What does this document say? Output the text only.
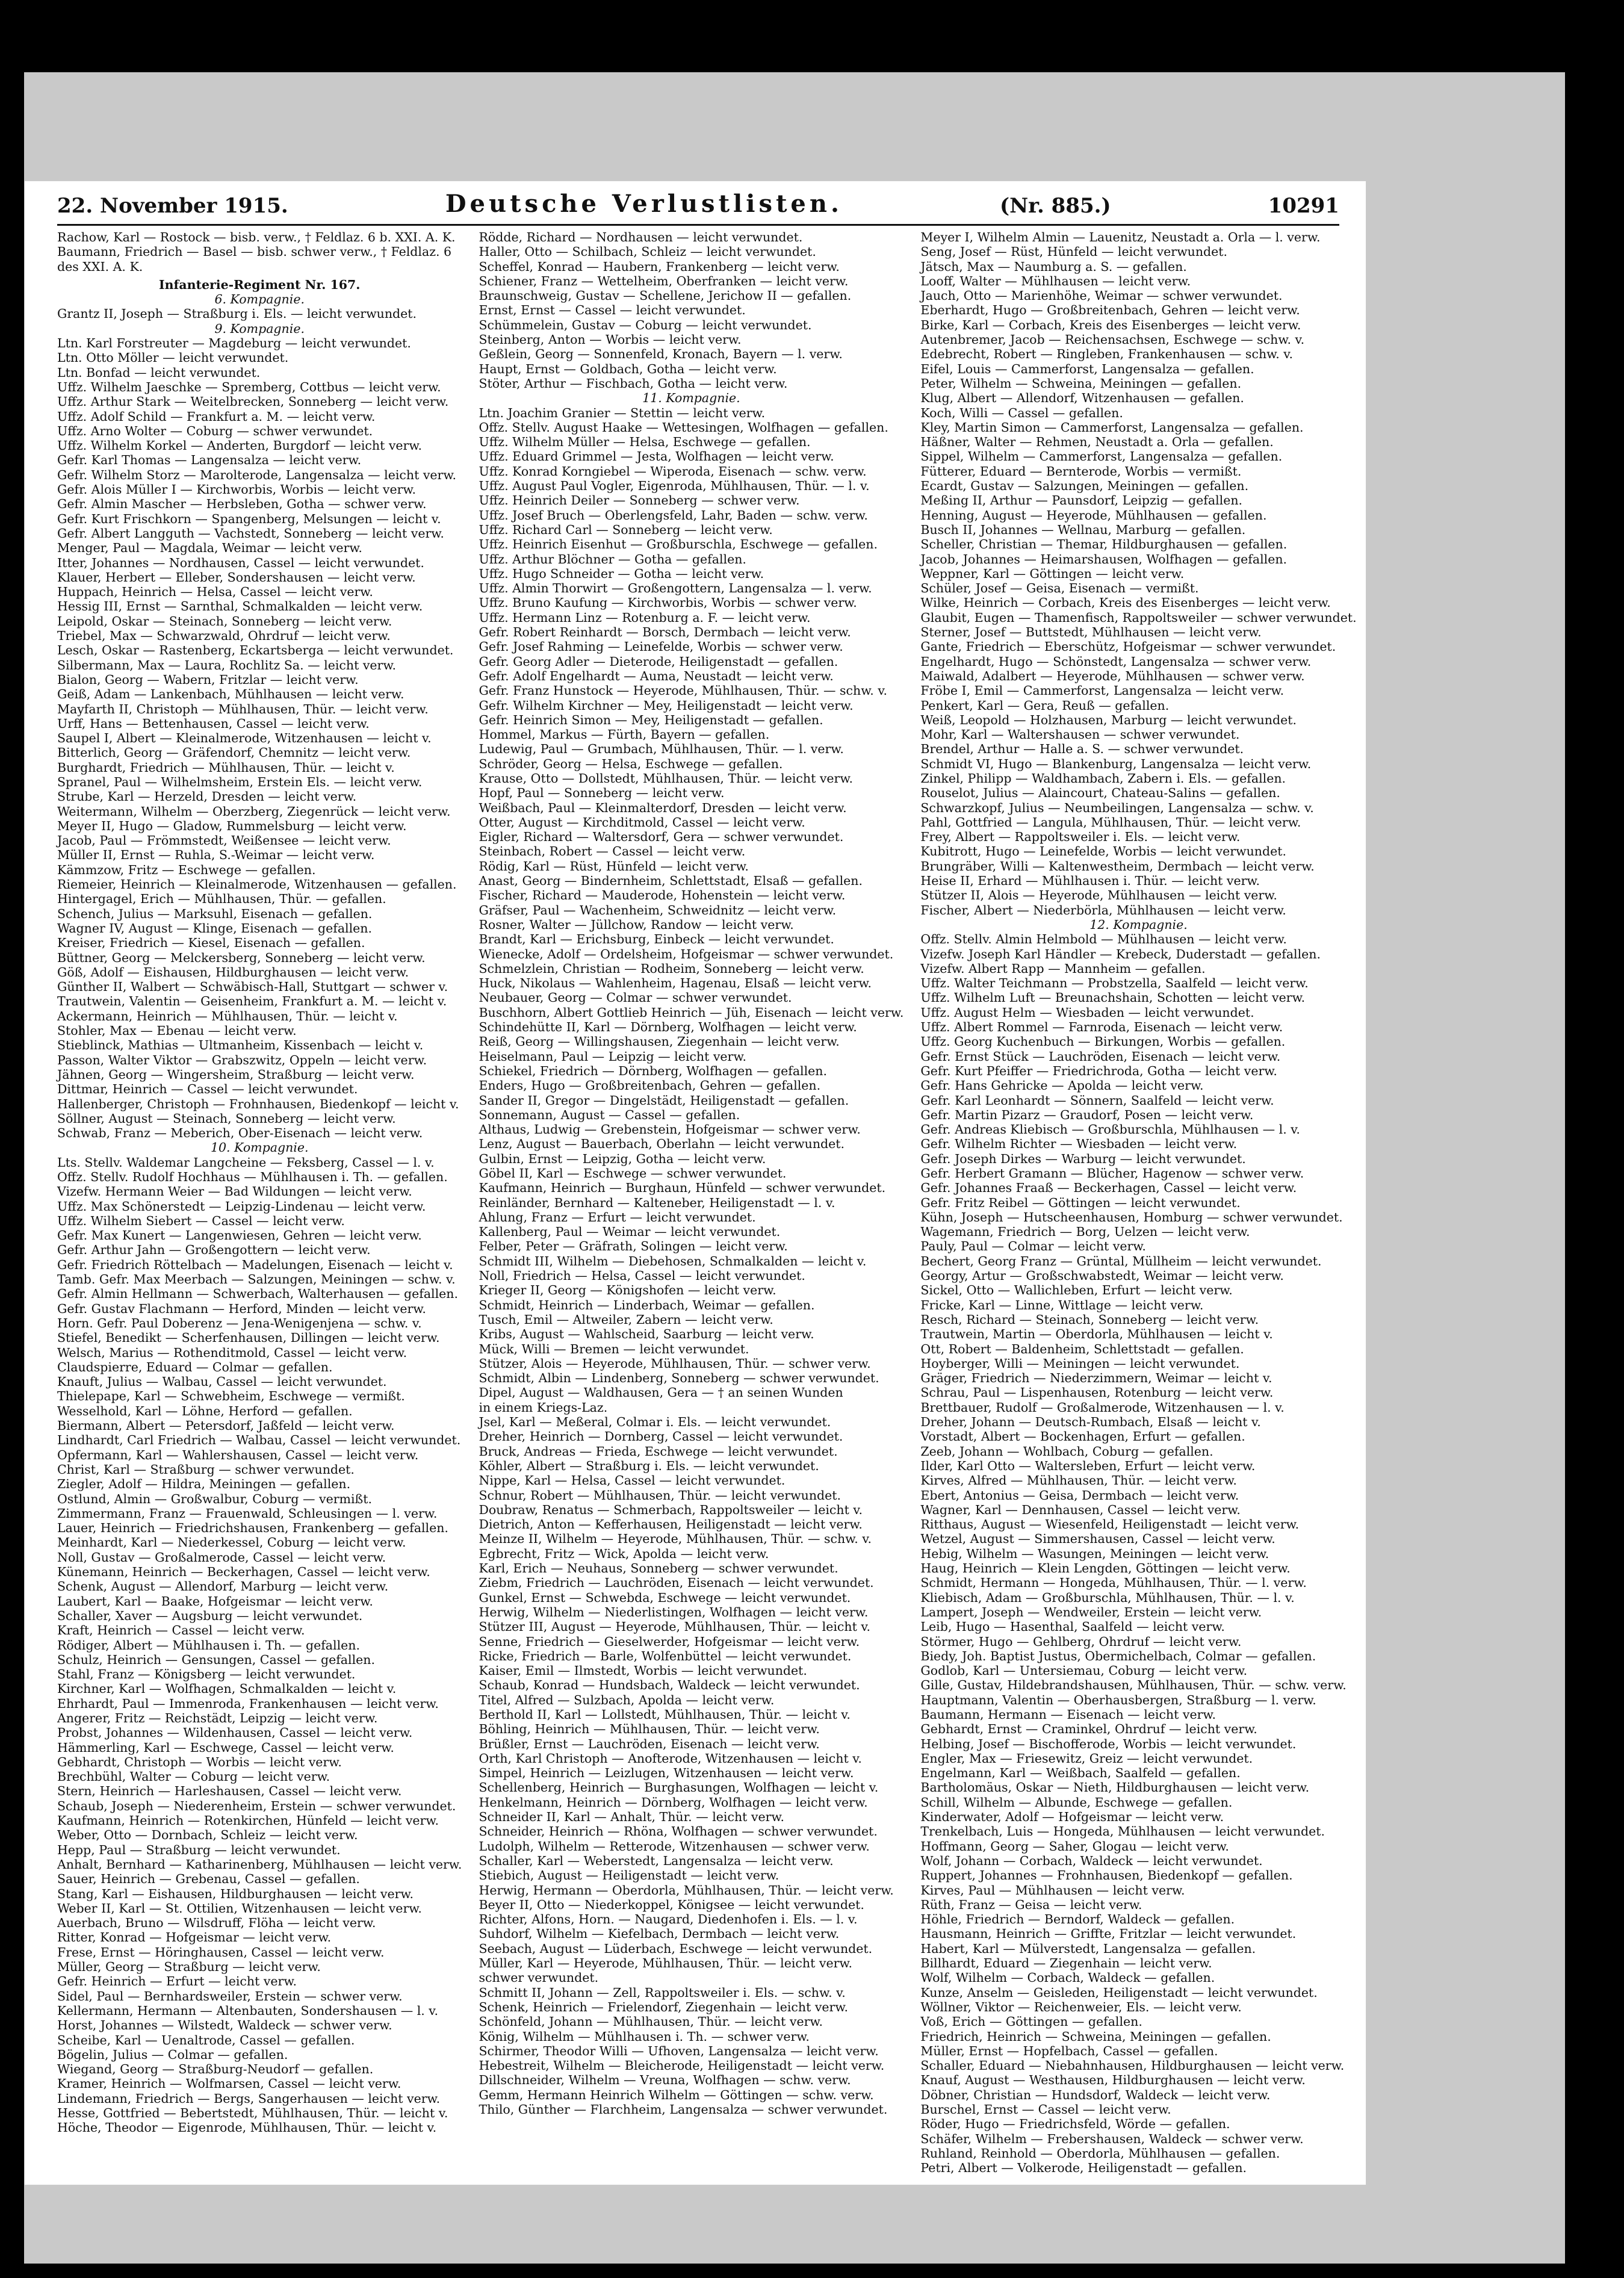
22. November 1915.	Deutsche Verlustlisten.	(Nr. 885.)	10291
Rachow, Karl — Rostock — bisb. verw., † Feldlaz. 6 b. XXI. A. K.
Baumann, Friedrich — Basel — bisb. schwer verw., † Feldlaz. 6
des XXI. A. K.
Infanterie-Regiment Nr. 167.
6. Kompagnie.
Grantz II, Joseph — Straßburg i. Els. — leicht verwundet.
9. Kompagnie.
Ltn. Karl Forstreuter — Magdeburg — leicht verwundet.
Ltn. Otto Möller — leicht verwundet.
Ltn. Bonfad — leicht verwundet.
Uffz. Wilhelm Jaeschke — Spremberg, Cottbus — leicht verw.
Uffz. Arthur Stark — Weitelbrecken, Sonneberg — leicht verw.
Uffz. Adolf Schild — Frankfurt a. M. — leicht verw.
Uffz. Arno Wolter — Coburg — schwer verwundet.
Uffz. Wilhelm Korkel — Anderten, Burgdorf — leicht verw.
Gefr. Karl Thomas — Langensalza — leicht verw.
Gefr. Wilhelm Storz — Marolterode, Langensalza — leicht verw.
Gefr. Alois Müller I — Kirchworbis, Worbis — leicht verw.
Gefr. Almin Mascher — Herbsleben, Gotha — schwer verw.
Gefr. Kurt Frischkorn — Spangenberg, Melsungen — leicht v.
Gefr. Albert Langguth — Vachstedt, Sonneberg — leicht verw.
Menger, Paul — Magdala, Weimar — leicht verw.
Itter, Johannes — Nordhausen, Cassel — leicht verwundet.
Klauer, Herbert — Elleber, Sondershausen — leicht verw.
Huppach, Heinrich — Helsa, Cassel — leicht verw.
Hessig III, Ernst — Sarnthal, Schmalkalden — leicht verw.
Leipold, Oskar — Steinach, Sonneberg — leicht verw.
Triebel, Max — Schwarzwald, Ohrdruf — leicht verw.
Lesch, Oskar — Rastenberg, Eckartsberga — leicht verwundet.
Silbermann, Max — Laura, Rochlitz Sa. — leicht verw.
Bialon, Georg — Wabern, Fritzlar — leicht verw.
Geiß, Adam — Lankenbach, Mühlhausen — leicht verw.
Mayfarth II, Christoph — Mühlhausen, Thür. — leicht verw.
Urff, Hans — Bettenhausen, Cassel — leicht verw.
Saupel I, Albert — Kleinalmerode, Witzenhausen — leicht v.
Bitterlich, Georg — Gräfendorf, Chemnitz — leicht verw.
Burghardt, Friedrich — Mühlhausen, Thür. — leicht v.
Spranel, Paul — Wilhelmsheim, Erstein Els. — leicht verw.
Strube, Karl — Herzeld, Dresden — leicht verw.
Weitermann, Wilhelm — Oberzberg, Ziegenrück — leicht verw.
Meyer II, Hugo — Gladow, Rummelsburg — leicht verw.
Jacob, Paul — Frömmstedt, Weißensee — leicht verw.
Müller II, Ernst — Ruhla, S.-Weimar — leicht verw.
Kämmzow, Fritz — Eschwege — gefallen.
Riemeier, Heinrich — Kleinalmerode, Witzenhausen — gefallen.
Hintergagel, Erich — Mühlhausen, Thür. — gefallen.
Schench, Julius — Marksuhl, Eisenach — gefallen.
Wagner IV, August — Klinge, Eisenach — gefallen.
Kreiser, Friedrich — Kiesel, Eisenach — gefallen.
Büttner, Georg — Melckersberg, Sonneberg — leicht verw.
Göß, Adolf — Eishausen, Hildburghausen — leicht verw.
Günther II, Walbert — Schwäbisch-Hall, Stuttgart — schwer v.
Trautwein, Valentin — Geisenheim, Frankfurt a. M. — leicht v.
Ackermann, Heinrich — Mühlhausen, Thür. — leicht v.
Stohler, Max — Ebenau — leicht verw.
Stieblinck, Mathias — Ultmanheim, Kissenbach — leicht v.
Passon, Walter Viktor — Grabszwitz, Oppeln — leicht verw.
Jähnen, Georg — Wingersheim, Straßburg — leicht verw.
Dittmar, Heinrich — Cassel — leicht verwundet.
Hallenberger, Christoph — Frohnhausen, Biedenkopf — leicht v.
Söllner, August — Steinach, Sonneberg — leicht verw.
Schwab, Franz — Meberich, Ober-Eisenach — leicht verw.
10. Kompagnie.
Lts. Stellv. Waldemar Langcheine — Feksberg, Cassel — l. v.
Offz. Stellv. Rudolf Hochhaus — Mühlhausen i. Th. — gefallen.
Vizefw. Hermann Weier — Bad Wildungen — leicht verw.
Uffz. Max Schönerstedt — Leipzig-Lindenau — leicht verw.
Uffz. Wilhelm Siebert — Cassel — leicht verw.
Gefr. Max Kunert — Langenwiesen, Gehren — leicht verw.
Gefr. Arthur Jahn — Großengottern — leicht verw.
Gefr. Friedrich Röttelbach — Madelungen, Eisenach — leicht v.
Tamb. Gefr. Max Meerbach — Salzungen, Meiningen — schw. v.
Gefr. Almin Hellmann — Schwerbach, Walterhausen — gefallen.
Gefr. Gustav Flachmann — Herford, Minden — leicht verw.
Horn. Gefr. Paul Doberenz — Jena-Wenigenjena — schw. v.
Stiefel, Benedikt — Scherfenhausen, Dillingen — leicht verw.
Welsch, Marius — Rothenditmold, Cassel — leicht verw.
Claudspierre, Eduard — Colmar — gefallen.
Knauft, Julius — Walbau, Cassel — leicht verwundet.
Thielepape, Karl — Schwebheim, Eschwege — vermißt.
Wesselhold, Karl — Löhne, Herford — gefallen.
Biermann, Albert — Petersdorf, Jaßfeld — leicht verw.
Lindhardt, Carl Friedrich — Walbau, Cassel — leicht verwundet.
Opfermann, Karl — Wahlershausen, Cassel — leicht verw.
Christ, Karl — Straßburg — schwer verwundet.
Ziegler, Adolf — Hildra, Meiningen — gefallen.
Ostlund, Almin — Großwalbur, Coburg — vermißt.
Zimmermann, Franz — Frauenwald, Schleusingen — l. verw.
Lauer, Heinrich — Friedrichshausen, Frankenberg — gefallen.
Meinhardt, Karl — Niederkessel, Coburg — leicht verw.
Noll, Gustav — Großalmerode, Cassel — leicht verw.
Künemann, Heinrich — Beckerhagen, Cassel — leicht verw.
Schenk, August — Allendorf, Marburg — leicht verw.
Laubert, Karl — Baake, Hofgeismar — leicht verw.
Schaller, Xaver — Augsburg — leicht verwundet.
Kraft, Heinrich — Cassel — leicht verw.
Rödiger, Albert — Mühlhausen i. Th. — gefallen.
Schulz, Heinrich — Gensungen, Cassel — gefallen.
Stahl, Franz — Königsberg — leicht verwundet.
Kirchner, Karl — Wolfhagen, Schmalkalden — leicht v.
Ehrhardt, Paul — Immenroda, Frankenhausen — leicht verw.
Angerer, Fritz — Reichstädt, Leipzig — leicht verw.
Probst, Johannes — Wildenhausen, Cassel — leicht verw.
Hämmerling, Karl — Eschwege, Cassel — leicht verw.
Gebhardt, Christoph — Worbis — leicht verw.
Brechbühl, Walter — Coburg — leicht verw.
Stern, Heinrich — Harleshausen, Cassel — leicht verw.
Schaub, Joseph — Niederenheim, Erstein — schwer verwundet.
Kaufmann, Heinrich — Rotenkirchen, Hünfeld — leicht verw.
Weber, Otto — Dornbach, Schleiz — leicht verw.
Hepp, Paul — Straßburg — leicht verwundet.
Anhalt, Bernhard — Katharinenberg, Mühlhausen — leicht verw.
Sauer, Heinrich — Grebenau, Cassel — gefallen.
Stang, Karl — Eishausen, Hildburghausen — leicht verw.
Weber II, Karl — St. Ottilien, Witzenhausen — leicht verw.
Auerbach, Bruno — Wilsdruff, Flöha — leicht verw.
Ritter, Konrad — Hofgeismar — leicht verw.
Frese, Ernst — Höringhausen, Cassel — leicht verw.
Müller, Georg — Straßburg — leicht verw.
Gefr. Heinrich — Erfurt — leicht verw.
Sidel, Paul — Bernhardsweiler, Erstein — schwer verw.
Kellermann, Hermann — Altenbauten, Sondershausen — l. v.
Horst, Johannes — Wilstedt, Waldeck — schwer verw.
Scheibe, Karl — Uenaltrode, Cassel — gefallen.
Bögelin, Julius — Colmar — gefallen.
Wiegand, Georg — Straßburg-Neudorf — gefallen.
Kramer, Heinrich — Wolfmarsen, Cassel — leicht verw.
Lindemann, Friedrich — Bergs, Sangerhausen — leicht verw.
Hesse, Gottfried — Bebertstedt, Mühlhausen, Thür. — leicht v.
Höche, Theodor — Eigenrode, Mühlhausen, Thür. — leicht v.
Rödde, Richard — Nordhausen — leicht verwundet.
Haller, Otto — Schilbach, Schleiz — leicht verwundet.
Scheffel, Konrad — Haubern, Frankenberg — leicht verw.
Schiener, Franz — Wettelheim, Oberfranken — leicht verw.
Braunschweig, Gustav — Schellene, Jerichow II — gefallen.
Ernst, Ernst — Cassel — leicht verwundet.
Schümmelein, Gustav — Coburg — leicht verwundet.
Steinberg, Anton — Worbis — leicht verw.
Geßlein, Georg — Sonnenfeld, Kronach, Bayern — l. verw.
Haupt, Ernst — Goldbach, Gotha — leicht verw.
Stöter, Arthur — Fischbach, Gotha — leicht verw.
11. Kompagnie.
Ltn. Joachim Granier — Stettin — leicht verw.
Offz. Stellv. August Haake — Wettesingen, Wolfhagen — gefallen.
Uffz. Wilhelm Müller — Helsa, Eschwege — gefallen.
Uffz. Eduard Grimmel — Jesta, Wolfhagen — leicht verw.
Uffz. Konrad Korngiebel — Wiperoda, Eisenach — schw. verw.
Uffz. August Paul Vogler, Eigenroda, Mühlhausen, Thür. — l. v.
Uffz. Heinrich Deiler — Sonneberg — schwer verw.
Uffz. Josef Bruch — Oberlengsfeld, Lahr, Baden — schw. verw.
Uffz. Richard Carl — Sonneberg — leicht verw.
Uffz. Heinrich Eisenhut — Großburschla, Eschwege — gefallen.
Uffz. Arthur Blöchner — Gotha — gefallen.
Uffz. Hugo Schneider — Gotha — leicht verw.
Uffz. Almin Thorwirt — Großengottern, Langensalza — l. verw.
Uffz. Bruno Kaufung — Kirchworbis, Worbis — schwer verw.
Uffz. Hermann Linz — Rotenburg a. F. — leicht verw.
Gefr. Robert Reinhardt — Borsch, Dermbach — leicht verw.
Gefr. Josef Rahming — Leinefelde, Worbis — schwer verw.
Gefr. Georg Adler — Dieterode, Heiligenstadt — gefallen.
Gefr. Adolf Engelhardt — Auma, Neustadt — leicht verw.
Gefr. Franz Hunstock — Heyerode, Mühlhausen, Thür. — schw. v.
Gefr. Wilhelm Kirchner — Mey, Heiligenstadt — leicht verw.
Gefr. Heinrich Simon — Mey, Heiligenstadt — gefallen.
Hommel, Markus — Fürth, Bayern — gefallen.
Ludewig, Paul — Grumbach, Mühlhausen, Thür. — l. verw.
Schröder, Georg — Helsa, Eschwege — gefallen.
Krause, Otto — Dollstedt, Mühlhausen, Thür. — leicht verw.
Hopf, Paul — Sonneberg — leicht verw.
Weißbach, Paul — Kleinmalterdorf, Dresden — leicht verw.
Otter, August — Kirchditmold, Cassel — leicht verw.
Eigler, Richard — Waltersdorf, Gera — schwer verwundet.
Steinbach, Robert — Cassel — leicht verw.
Rödig, Karl — Rüst, Hünfeld — leicht verw.
Anast, Georg — Bindernheim, Schlettstadt, Elsaß — gefallen.
Fischer, Richard — Mauderode, Hohenstein — leicht verw.
Gräfser, Paul — Wachenheim, Schweidnitz — leicht verw.
Rosner, Walter — Jüllchow, Randow — leicht verw.
Brandt, Karl — Erichsburg, Einbeck — leicht verwundet.
Wienecke, Adolf — Ordelsheim, Hofgeismar — schwer verwundet.
Schmelzlein, Christian — Rodheim, Sonneberg — leicht verw.
Huck, Nikolaus — Wahlenheim, Hagenau, Elsaß — leicht verw.
Neubauer, Georg — Colmar — schwer verwundet.
Buschhorn, Albert Gottlieb Heinrich — Jüh, Eisenach — leicht verw.
Schindehütte II, Karl — Dörnberg, Wolfhagen — leicht verw.
Reiß, Georg — Willingshausen, Ziegenhain — leicht verw.
Heiselmann, Paul — Leipzig — leicht verw.
Schiekel, Friedrich — Dörnberg, Wolfhagen — gefallen.
Enders, Hugo — Großbreitenbach, Gehren — gefallen.
Sander II, Gregor — Dingelstädt, Heiligenstadt — gefallen.
Sonnemann, August — Cassel — gefallen.
Althaus, Ludwig — Grebenstein, Hofgeismar — schwer verw.
Lenz, August — Bauerbach, Oberlahn — leicht verwundet.
Gulbin, Ernst — Leipzig, Gotha — leicht verw.
Göbel II, Karl — Eschwege — schwer verwundet.
Kaufmann, Heinrich — Burghaun, Hünfeld — schwer verwundet.
Reinländer, Bernhard — Kalteneber, Heiligenstadt — l. v.
Ahlung, Franz — Erfurt — leicht verwundet.
Kallenberg, Paul — Weimar — leicht verwundet.
Felber, Peter — Gräfrath, Solingen — leicht verw.
Schmidt III, Wilhelm — Diebehosen, Schmalkalden — leicht v.
Noll, Friedrich — Helsa, Cassel — leicht verwundet.
Krieger II, Georg — Königshofen — leicht verw.
Schmidt, Heinrich — Linderbach, Weimar — gefallen.
Tusch, Emil — Altweiler, Zabern — leicht verw.
Kribs, August — Wahlscheid, Saarburg — leicht verw.
Mück, Willi — Bremen — leicht verwundet.
Stützer, Alois — Heyerode, Mühlhausen, Thür. — schwer verw.
Schmidt, Albin — Lindenberg, Sonneberg — schwer verwundet.
Dipel, August — Waldhausen, Gera — † an seinen Wunden
in einem Kriegs-Laz.
Jsel, Karl — Meßeral, Colmar i. Els. — leicht verwundet.
Dreher, Heinrich — Dornberg, Cassel — leicht verwundet.
Bruck, Andreas — Frieda, Eschwege — leicht verwundet.
Köhler, Albert — Straßburg i. Els. — leicht verwundet.
Nippe, Karl — Helsa, Cassel — leicht verwundet.
Schnur, Robert — Mühlhausen, Thür. — leicht verwundet.
Doubraw, Renatus — Schmerbach, Rappoltsweiler — leicht v.
Dietrich, Anton — Kefferhausen, Heiligenstadt — leicht verw.
Meinze II, Wilhelm — Heyerode, Mühlhausen, Thür. — schw. v.
Egbrecht, Fritz — Wick, Apolda — leicht verw.
Karl, Erich — Neuhaus, Sonneberg — schwer verwundet.
Ziebm, Friedrich — Lauchröden, Eisenach — leicht verwundet.
Gunkel, Ernst — Schwebda, Eschwege — leicht verwundet.
Herwig, Wilhelm — Niederlistingen, Wolfhagen — leicht verw.
Stützer III, August — Heyerode, Mühlhausen, Thür. — leicht v.
Senne, Friedrich — Gieselwerder, Hofgeismar — leicht verw.
Ricke, Friedrich — Barle, Wolfenbüttel — leicht verwundet.
Kaiser, Emil — Ilmstedt, Worbis — leicht verwundet.
Schaub, Konrad — Hundsbach, Waldeck — leicht verwundet.
Titel, Alfred — Sulzbach, Apolda — leicht verw.
Berthold II, Karl — Lollstedt, Mühlhausen, Thür. — leicht v.
Böhling, Heinrich — Mühlhausen, Thür. — leicht verw.
Brüßler, Ernst — Lauchröden, Eisenach — leicht verw.
Orth, Karl Christoph — Anofterode, Witzenhausen — leicht v.
Simpel, Heinrich — Leizlugen, Witzenhausen — leicht verw.
Schellenberg, Heinrich — Burghasungen, Wolfhagen — leicht v.
Henkelmann, Heinrich — Dörnberg, Wolfhagen — leicht verw.
Schneider II, Karl — Anhalt, Thür. — leicht verw.
Schneider, Heinrich — Rhöna, Wolfhagen — schwer verwundet.
Ludolph, Wilhelm — Retterode, Witzenhausen — schwer verw.
Schaller, Karl — Weberstedt, Langensalza — leicht verw.
Stiebich, August — Heiligenstadt — leicht verw.
Herwig, Hermann — Oberdorla, Mühlhausen, Thür. — leicht verw.
Beyer II, Otto — Niederkoppel, Königsee — leicht verwundet.
Richter, Alfons, Horn. — Naugard, Diedenhofen i. Els. — l. v.
Suhdorf, Wilhelm — Kiefelbach, Dermbach — leicht verw.
Seebach, August — Lüderbach, Eschwege — leicht verwundet.
Müller, Karl — Heyerode, Mühlhausen, Thür. — leicht verw.
schwer verwundet.
Schmitt II, Johann — Zell, Rappoltsweiler i. Els. — schw. v.
Schenk, Heinrich — Frielendorf, Ziegenhain — leicht verw.
Schönfeld, Johann — Mühlhausen, Thür. — leicht verw.
König, Wilhelm — Mühlhausen i. Th. — schwer verw.
Schirmer, Theodor Willi — Ufhoven, Langensalza — leicht verw.
Hebestreit, Wilhelm — Bleicherode, Heiligenstadt — leicht verw.
Dillschneider, Wilhelm — Vreuna, Wolfhagen — schw. verw.
Gemm, Hermann Heinrich Wilhelm — Göttingen — schw. verw.
Thilo, Günther — Flarchheim, Langensalza — schwer verwundet.
Meyer I, Wilhelm Almin — Lauenitz, Neustadt a. Orla — l. verw.
Seng, Josef — Rüst, Hünfeld — leicht verwundet.
Jätsch, Max — Naumburg a. S. — gefallen.
Looff, Walter — Mühlhausen — leicht verw.
Jauch, Otto — Marienhöhe, Weimar — schwer verwundet.
Eberhardt, Hugo — Großbreitenbach, Gehren — leicht verw.
Birke, Karl — Corbach, Kreis des Eisenberges — leicht verw.
Autenbremer, Jacob — Reichensachsen, Eschwege — schw. v.
Edebrecht, Robert — Ringleben, Frankenhausen — schw. v.
Eifel, Louis — Cammerforst, Langensalza — gefallen.
Peter, Wilhelm — Schweina, Meiningen — gefallen.
Klug, Albert — Allendorf, Witzenhausen — gefallen.
Koch, Willi — Cassel — gefallen.
Kley, Martin Simon — Cammerforst, Langensalza — gefallen.
Häßner, Walter — Rehmen, Neustadt a. Orla — gefallen.
Sippel, Wilhelm — Cammerforst, Langensalza — gefallen.
Fütterer, Eduard — Bernterode, Worbis — vermißt.
Ecardt, Gustav — Salzungen, Meiningen — gefallen.
Meßing II, Arthur — Paunsdorf, Leipzig — gefallen.
Henning, August — Heyerode, Mühlhausen — gefallen.
Busch II, Johannes — Wellnau, Marburg — gefallen.
Scheller, Christian — Themar, Hildburghausen — gefallen.
Jacob, Johannes — Heimarshausen, Wolfhagen — gefallen.
Weppner, Karl — Göttingen — leicht verw.
Schüler, Josef — Geisa, Eisenach — vermißt.
Wilke, Heinrich — Corbach, Kreis des Eisenberges — leicht verw.
Glaubit, Eugen — Thamenfisch, Rappoltsweiler — schwer verwundet.
Sterner, Josef — Buttstedt, Mühlhausen — leicht verw.
Gante, Friedrich — Eberschütz, Hofgeismar — schwer verwundet.
Engelhardt, Hugo — Schönstedt, Langensalza — schwer verw.
Maiwald, Adalbert — Heyerode, Mühlhausen — schwer verw.
Fröbe I, Emil — Cammerforst, Langensalza — leicht verw.
Penkert, Karl — Gera, Reuß — gefallen.
Weiß, Leopold — Holzhausen, Marburg — leicht verwundet.
Mohr, Karl — Waltershausen — schwer verwundet.
Brendel, Arthur — Halle a. S. — schwer verwundet.
Schmidt VI, Hugo — Blankenburg, Langensalza — leicht verw.
Zinkel, Philipp — Waldhambach, Zabern i. Els. — gefallen.
Rouselot, Julius — Alaincourt, Chateau-Salins — gefallen.
Schwarzkopf, Julius — Neumbeilingen, Langensalza — schw. v.
Pahl, Gottfried — Langula, Mühlhausen, Thür. — leicht verw.
Frey, Albert — Rappoltsweiler i. Els. — leicht verw.
Kubitrott, Hugo — Leinefelde, Worbis — leicht verwundet.
Brungräber, Willi — Kaltenwestheim, Dermbach — leicht verw.
Heise II, Erhard — Mühlhausen i. Thür. — leicht verw.
Stützer II, Alois — Heyerode, Mühlhausen — leicht verw.
Fischer, Albert — Niederbörla, Mühlhausen — leicht verw.
12. Kompagnie.
Offz. Stellv. Almin Helmbold — Mühlhausen — leicht verw.
Vizefw. Joseph Karl Händler — Krebeck, Duderstadt — gefallen.
Vizefw. Albert Rapp — Mannheim — gefallen.
Uffz. Walter Teichmann — Probstzella, Saalfeld — leicht verw.
Uffz. Wilhelm Luft — Breunachshain, Schotten — leicht verw.
Uffz. August Helm — Wiesbaden — leicht verwundet.
Uffz. Albert Rommel — Farnroda, Eisenach — leicht verw.
Uffz. Georg Kuchenbuch — Birkungen, Worbis — gefallen.
Gefr. Ernst Stück — Lauchröden, Eisenach — leicht verw.
Gefr. Kurt Pfeiffer — Friedrichroda, Gotha — leicht verw.
Gefr. Hans Gehricke — Apolda — leicht verw.
Gefr. Karl Leonhardt — Sönnern, Saalfeld — leicht verw.
Gefr. Martin Pizarz — Graudorf, Posen — leicht verw.
Gefr. Andreas Kliebisch — Großburschla, Mühlhausen — l. v.
Gefr. Wilhelm Richter — Wiesbaden — leicht verw.
Gefr. Joseph Dirkes — Warburg — leicht verwundet.
Gefr. Herbert Gramann — Blücher, Hagenow — schwer verw.
Gefr. Johannes Fraaß — Beckerhagen, Cassel — leicht verw.
Gefr. Fritz Reibel — Göttingen — leicht verwundet.
Kühn, Joseph — Hutscheenhausen, Homburg — schwer verwundet.
Wagemann, Friedrich — Borg, Uelzen — leicht verw.
Pauly, Paul — Colmar — leicht verw.
Bechert, Georg Franz — Grüntal, Müllheim — leicht verwundet.
Georgy, Artur — Großschwabstedt, Weimar — leicht verw.
Sickel, Otto — Wallichleben, Erfurt — leicht verw.
Fricke, Karl — Linne, Wittlage — leicht verw.
Resch, Richard — Steinach, Sonneberg — leicht verw.
Trautwein, Martin — Oberdorla, Mühlhausen — leicht v.
Ott, Robert — Baldenheim, Schlettstadt — gefallen.
Hoyberger, Willi — Meiningen — leicht verwundet.
Gräger, Friedrich — Niederzimmern, Weimar — leicht v.
Schrau, Paul — Lispenhausen, Rotenburg — leicht verw.
Brettbauer, Rudolf — Großalmerode, Witzenhausen — l. v.
Dreher, Johann — Deutsch-Rumbach, Elsaß — leicht v.
Vorstadt, Albert — Bockenhagen, Erfurt — gefallen.
Zeeb, Johann — Wohlbach, Coburg — gefallen.
Ilder, Karl Otto — Waltersleben, Erfurt — leicht verw.
Kirves, Alfred — Mühlhausen, Thür. — leicht verw.
Ebert, Antonius — Geisa, Dermbach — leicht verw.
Wagner, Karl — Dennhausen, Cassel — leicht verw.
Ritthaus, August — Wiesenfeld, Heiligenstadt — leicht verw.
Wetzel, August — Simmershausen, Cassel — leicht verw.
Hebig, Wilhelm — Wasungen, Meiningen — leicht verw.
Haug, Heinrich — Klein Lengden, Göttingen — leicht verw.
Schmidt, Hermann — Hongeda, Mühlhausen, Thür. — l. verw.
Kliebisch, Adam — Großburschla, Mühlhausen, Thür. — l. v.
Lampert, Joseph — Wendweiler, Erstein — leicht verw.
Leib, Hugo — Hasenthal, Saalfeld — leicht verw.
Störmer, Hugo — Gehlberg, Ohrdruf — leicht verw.
Biedy, Joh. Baptist Justus, Obermichelbach, Colmar — gefallen.
Godlob, Karl — Untersiemau, Coburg — leicht verw.
Gille, Gustav, Hildebrandshausen, Mühlhausen, Thür. — schw. verw.
Hauptmann, Valentin — Oberhausbergen, Straßburg — l. verw.
Baumann, Hermann — Eisenach — leicht verw.
Gebhardt, Ernst — Craminkel, Ohrdruf — leicht verw.
Helbing, Josef — Bischofferode, Worbis — leicht verwundet.
Engler, Max — Friesewitz, Greiz — leicht verwundet.
Engelmann, Karl — Weißbach, Saalfeld — gefallen.
Bartholomäus, Oskar — Nieth, Hildburghausen — leicht verw.
Schill, Wilhelm — Albunde, Eschwege — gefallen.
Kinderwater, Adolf — Hofgeismar — leicht verw.
Trenkelbach, Luis — Hongeda, Mühlhausen — leicht verwundet.
Hoffmann, Georg — Saher, Glogau — leicht verw.
Wolf, Johann — Corbach, Waldeck — leicht verwundet.
Ruppert, Johannes — Frohnhausen, Biedenkopf — gefallen.
Kirves, Paul — Mühlhausen — leicht verw.
Rüth, Franz — Geisa — leicht verw.
Höhle, Friedrich — Berndorf, Waldeck — gefallen.
Hausmann, Heinrich — Griffte, Fritzlar — leicht verwundet.
Habert, Karl — Mülverstedt, Langensalza — gefallen.
Billhardt, Eduard — Ziegenhain — leicht verw.
Wolf, Wilhelm — Corbach, Waldeck — gefallen.
Kunze, Anselm — Geisleden, Heiligenstadt — leicht verwundet.
Wöllner, Viktor — Reichenweier, Els. — leicht verw.
Voß, Erich — Göttingen — gefallen.
Friedrich, Heinrich — Schweina, Meiningen — gefallen.
Müller, Ernst — Hopfelbach, Cassel — gefallen.
Schaller, Eduard — Niebahnhausen, Hildburghausen — leicht verw.
Knauf, August — Westhausen, Hildburghausen — leicht verw.
Döbner, Christian — Hundsdorf, Waldeck — leicht verw.
Burschel, Ernst — Cassel — leicht verw.
Röder, Hugo — Friedrichsfeld, Wörde — gefallen.
Schäfer, Wilhelm — Frebershausen, Waldeck — schwer verw.
Ruhland, Reinhold — Oberdorla, Mühlhausen — gefallen.
Petri, Albert — Volkerode, Heiligenstadt — gefallen.
